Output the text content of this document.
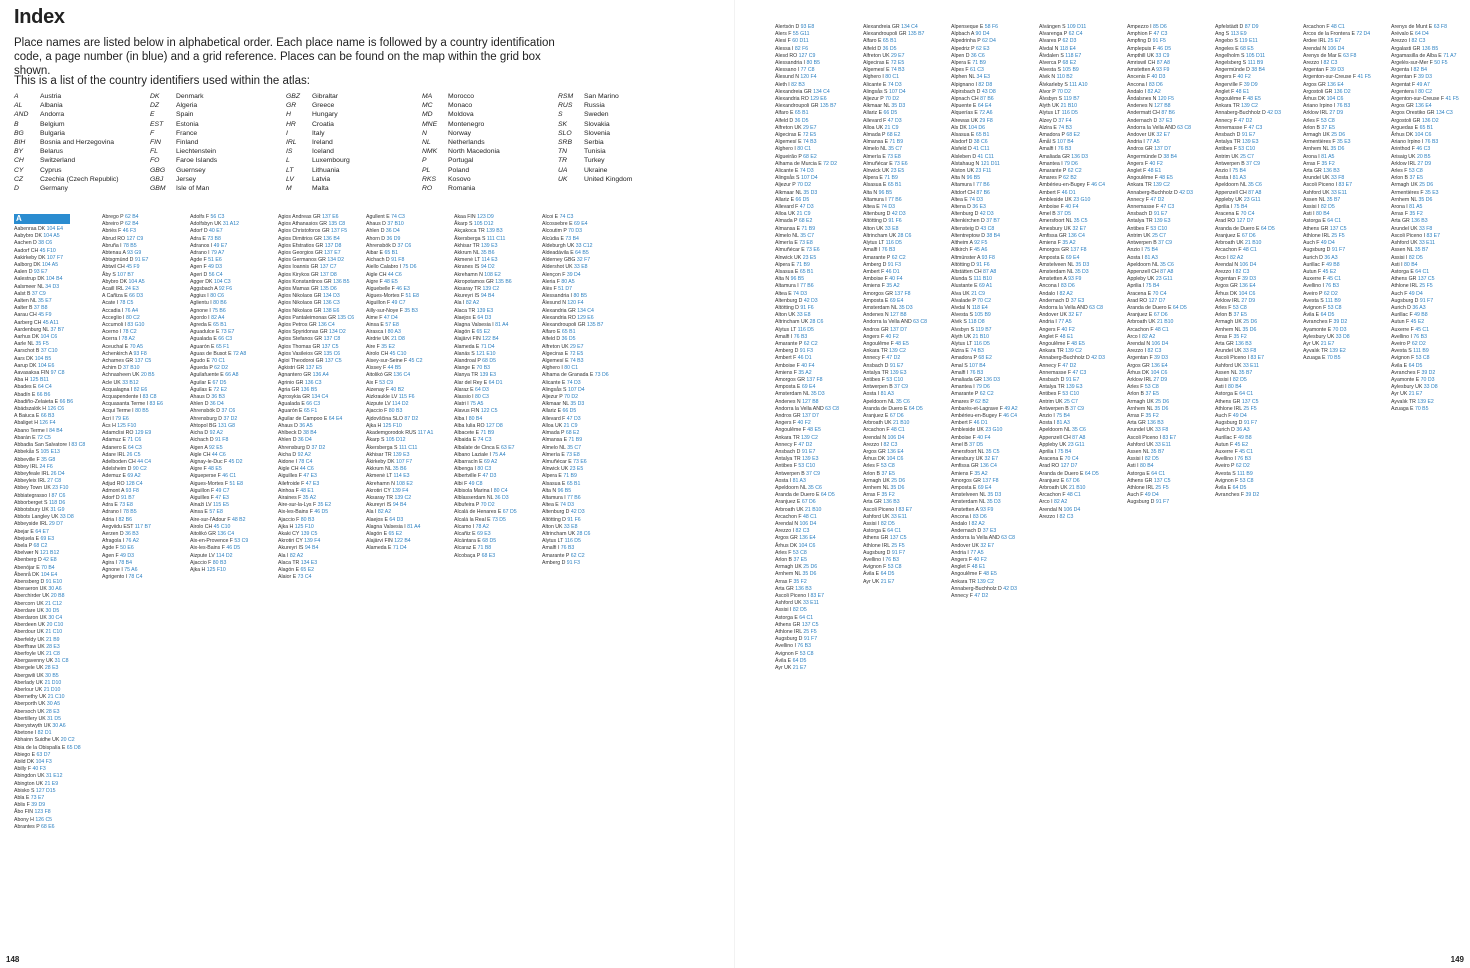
Index
Place names are listed below in alphabetical order. Each place name is followed by a country identification code, a page number (in blue) and a grid reference. Places can be found on the map within the grid box shown.
This is a list of the country identifiers used within the atlas:
A	Austria
AL	Albania
AND	Andorra
B	Belgium
BG	Bulgaria
BIH	Bosnia and Herzegovina
BY	Belarus
CH	Switzerland
CY	Cyprus
CZ	Czechia (Czech Republic)
D	Germany
DK	Denmark
DZ	Algeria
E	Spain
EST	Estonia
F	France
FIN	Finland
FL	Liechtenstein
FO	Faroe Islands
GBG	Guernsey
GBJ	Jersey
GBM	Isle of Man
GBZ	Gibraltar
GR	Greece
H	Hungary
HR	Croatia
I	Italy
IRL	Ireland
IS	Iceland
L	Luxembourg
LT	Lithuania
LV	Latvia
M	Malta
MA	Morocco
MC	Monaco
MD	Moldova
MNE	Montenegro
N	Norway
NL	Netherlands
NMK	North Macedonia
P	Portugal
PL	Poland
RKS	Kosovo
RO	Romania
RSM	San Marino
RUS	Russia
S	Sweden
SK	Slovakia
SLO	Slovenia
SRB	Serbia
TN	Tunisia
TR	Turkey
UA	Ukraine
UK	United Kingdom
A
Aabenraa DK 104 E4
Aabybro DK 104 A5
Aachen D 38 C6
Aadorf CH 45 F10
Aakirkeby DK 107 F7
Aalborg DK 104 A5
Aalen D 93 E7
Aalestrup DK 104 B4
Aalsmeer NL 34 D3
Aalst B 37 C9
Aalten NL 35 E7
Aalter B 37 B8
Aarau CH 45 F9
Aarberg CH 45 A11
Aardenburg NL 37 B7
Aarhus DK 104 C6
Aarle NL 35 F5
Aarschot B 37 C10
Aars DK 104 B5
Aarup DK 104 E6
Aavasaksa FIN 97 C8
Aba H 125 B11
Abades E 64 C4
Abadín E 66 B6
Abadiño-Zelaieta E 66 B6
Abádszalók H 126 C6
A Baiuca E 66 B3
Abaliget H 126 F4
Abano Terme I 84 B4
Abarán E 72 C5
Abbadia San Salvatore I 83 C8
Abbekås S 105 E13
Abbeville F 35 G8
Abbey IRL 24 F6
Abbeyfeale IRL 26 D4
Abbeyleix IRL 27 C8
Abbey Town UK 23 F10
Abbiategrasso I 87 C6
Abborberget S 118 D6
Abbotsbury UK 31 G9
Abbots Langley UK 33 D8
Abbeyside IRL 29 D7
Abejar E 64 E7
Abejuela E 69 E3
Abela P 68 C2
Abelvær N 121 B12
Abenberg D 42 E8
Abenójar E 70 B4
Åbenrå DK 104 E4
Abensberg D 91 E10
Aberaeron UK 30 A6
Aberchirder UK 20 B8
Abercorn UK 21 C12
Aberdare UK 30 D5
Aberdaron UK 30 C4
Aberdeen UK 20 C10
Aberdour UK 21 C10
Aberfeldy UK 21 B9
Aberffraw UK 28 E3
Aberfoyle UK 21 C8
Abergavenny UK 31 C8
Abergele UK 28 E3
Abergwili UK 30 B5
Aberlady UK 21 D10
Aberlour UK 21 D10
Abernethy UK 21 C10
Aberporth UK 30 A5
Abersoch UK 28 E3
Abertillery UK 31 D5
Aberystwyth UK 30 A6
Abetone I 82 D1
Abhainn Suidhe UK 20 C2
Abia de la Obispalía E 65 D8
Abiego E 63 D7
Abild DK 104 F3
Abilly F 40 F3
Abingdon UK 31 E12
Abington UK 21 E9
Abisko S 127 D15
Abla E 73 E7
Ablis F 39 D9
Åbo FIN 123 F8
Abony H 126 C5
Abrantes P 68 E6
Abrego P 62 B4
Abreiro P 62 B4
Abriès F 46 F3
Abrud RO 127 C9
Abruña I 78 B5
Abtenau A 93 G9
Abtsgmünd D 91 E7
Abtwil CH 45 F9
Åby S 107 B7
Abybro DK 104 A5
Acaill IRL 24 E3
A Cañiza E 66 D3
Acate I 78 C5
Accadia I 76 A4
Acceglio I 80 C2
Accumoli I 83 G10
Acerno I 78 C2
Acerra I 78 A2
Aceuchal E 70 A5
Achenkirch A 93 F8
Acharnes GR 137 C5
Achim D 37 B10
Achnasheen UK 20 B5
Acle UK 33 B12
Acqualagna I 82 E6
Acquapendente I 83 C8
Acquasanta Terme I 83 E6
Acqui Terme I 80 B5
Acri I 79 E6
Ács H 125 F10
Adamclisi RO 129 E9
Adamuz E 71 C6
Adanero E 64 C3
Adare IRL 26 C5
Adelboden CH 44 C4
Adelsheim D 90 C2
Ademuz E 69 A2
Adjud RO 128 C4
Admont A 93 F8
Adorf D 91 B7
Adra E 73 E8
Adrano I 78 B5
Adria I 82 B6
Aegviidu EST 117 B7
Aerzen D 36 B3
Afragola I 76 A2
Agde F 50 E6
Agen F 49 D3
Agira I 78 B4
Agnone I 75 A6
Agrigento I 78 C4
Adolfs F 56 C3
Adolfsbyn UK 31 A12
Adorf D 40 E7
Adra E 73 B8
Adranos I 49 E7
Adrano I 79 A7
Agde F 51 E6
Agen F 49 D3
Ageri D 56 C4
Agger DK 104 C3
Aggsbach A 92 F6
Aggius I 80 C6
Aglientu I 80 B6
Agnone I 75 B6
Agordo I 82 A4
Agreda E 65 B1
Aguadulce E 73 E7
Agualada E 66 C3
Aguarón E 65 F1
Aguas de Busot E 72 A8
Agudo E 70 C1
Águeda P 62 D2
Aguilafuente E 66 A8
Aguilar E 67 D5
Águilas E 72 E2
Ahaus D 36 B3
Ahlen D 36 D4
Ahrensbök D 37 C6
Ahrensburg D 37 D2
Ahtopol BG 131 G8
Aicha D 92 A2
Aichach D 91 F8
Aigen A 92 E5
Aigle CH 44 C6
Aignay-le-Duc F 45 D2
Aigre F 48 E5
Aigueperse F 46 C1
Aigues-Mortes F 51 E8
Aiguillon F 49 C7
Aiguilles F 47 E3
Ainaži LV 115 E5
Ainsa E 57 E8
Aire-sur-l'Adour F 48 B2
Airolo CH 45 C10
Aitolikó GR 136 C4
Aix-en-Provence F 53 C9
Aix-les-Bains F 46 D5
Aizpute LV 114 D2
Ajaccio F 80 B3
Ajka H 125 F10
Agios Andreas GR 137 E6
Agios Athanasios GR 135 C8
Agios Christoforos GR 137 F5
Agios Dimitrios GR 136 B4
Agios Efstratios GR 137 D8
Agios Georgios GR 137 E7
Agios Germanos GR 134 D2
Agios Ioannis GR 137 C7
Agios Kirykos GR 137 D8
Agios Konstantinos GR 136 B5
Agios Mamas GR 135 D6
Agios Nikolaos GR 134 D3
Agios Nikolaos GR 136 C3
Agios Nikolaos GR 138 E6
Agios Pantaleimonas GR 135 C6
Agios Petros GR 136 C4
Agios Spyridonas GR 134 D2
Agios Stefanos GR 137 C8
Agios Thomas GR 137 C5
Agios Vasileios GR 135 C6
Agioi Theodoroi GR 137 C5
Agkistri GR 137 E5
Agnantero GR 136 A4
Agrinio GR 136 C3
Agria GR 136 B5
Agrosykia GR 134 C4
Agualada E 66 C3
Aguarón E 65 F1
Aguilar de Campoo E 64 E4
Ahaus D 36 A5
Ahlbeck D 38 B4
Ahlen D 36 D4
Ahrensburg D 37 D2
Aicha D 92 A2
Aidone I 78 C4
Aigle CH 44 C6
Aiguilles F 47 E3
Ailefroide F 47 E3
Ainhoa F 48 E1
Airaines F 35 A2
Aire-sur-la-Lys F 35 E2
Aix-les-Bains F 46 D5
Ajaccio F 80 B3
Ajka H 125 F10
Akaki CY 139 C5
Akrotiri CY 139 F4
Akureyri IS 94 B4
Ala I 82 A2
Alaca TR 134 E3
Alagón E 65 E2
Alaior E 73 C4
Agullent E 74 C3
Ahaus D 37 B10
Ahlen D 36 D4
Ahorn D 36 D9
Ahrensbök D 37 C6
Aibar E 65 B1
Aichach D 91 F8
Aiello Calabro I 75 D6
Aigle CH 44 C6
Aigre F 48 E5
Aiguebelle F 46 E3
Aigues-Mortes F 51 E8
Aiguillon F 49 C7
Ailly-sur-Noye F 35 B3
Aime F 47 D4
Ainsa E 57 E8
Airasca I 80 A3
Airdrie UK 21 D8
Aire F 35 E2
Airolo CH 45 C10
Aisey-sur-Seine F 45 C2
Aïssey F 44 B5
Aitolikó GR 136 C4
Aix F 53 C9
Aizenay F 40 B2
Aizkraukle LV 115 F6
Aizpute LV 114 D2
Ajaccio F 80 B3
Ajdovščina SLO 87 D2
Ajka H 125 F10
Akademgorodok RUS 117 A1
Åkarp S 105 D12
Åkersberga S 111 C11
Akhisar TR 139 E3
Åkirkeby DK 107 F7
Akkrum NL 35 B6
Akmenė LT 114 E3
Akrehamn N 108 E2
Akrotiri CY 139 F4
Aksaray TR 139 C2
Akureyri IS 94 B4
Ala I 82 A2
Alaejos E 64 D3
Alagna Valsesia I 81 A4
Alagón E 65 E2
Alajärvi FIN 122 B4
Alameda E 71 D4
Akaa FIN 123 D9
Åkarp S 105 D12
Akçakoca TR 139 B3
Åkersberga S 111 C11
Akhisar TR 139 E3
Akkrum NL 35 B6
Akmenė LT 114 E3
Akranes IS 94 D2
Akrehamn N 108 E2
Akropotamos GR 135 B6
Aksaray TR 139 C2
Akureyri IS 94 B4
Ala I 82 A2
Alaca TR 139 E3
Alaejos E 64 D3
Alagna Valsesia I 81 A4
Alagón E 65 E2
Alajärvi FIN 122 B4
Alameda E 71 D4
Alanäs S 121 E10
Alandroal P 68 D5
Alange E 70 B3
Alanya TR 139 E3
Alar del Rey E 64 D1
Alaraz E 64 D3
Alassio I 80 C3
Alatri I 75 A5
Alavus FIN 122 C5
Alba I 80 B4
Alba Iulia RO 127 D8
Albacete E 71 B9
Albaida E 74 C3
Albalate de Cinca E 63 E7
Albano Laziale I 75 A4
Albarracín E 69 A2
Albenga I 80 C3
Albertville F 47 D3
Albi F 49 C8
Albisola Marina I 80 C4
Alblasserdam NL 36 D3
Albufeira P 70 D2
Alcalá de Henares E 67 D5
Alcalá la Real E 73 D5
Alcamo I 78 A2
Alcañiz E 69 E3
Alcántara E 68 D5
Alcaraz E 71 B8
Alcobaça P 68 E3
Alcoi E 74 C3
Alcossebre E 69 E4
Alcoutim P 70 D3
Alcúdia E 73 B4
Aldeburgh UK 33 C12
Aldeadávila E 64 B5
Alderney GBG 32 F7
Aldershot UK 33 E8
Alençon F 39 D4
Aleria F 80 A5
Alès F 51 D7
Alessandria I 80 B5
Ålesund N 120 F4
Alexandria GR 134 C4
Alexandria RO 129 E6
Alexandroupoli GR 135 B7
Alfaro E 65 B1
Alfeld D 36 D5
Alfreton UK 29 E7
Algeciras E 72 E5
Algemesí E 74 B3
Alghero I 80 C1
Alhama de Granada E 73 D6
Alicante E 74 D3
Alingsås S 107 D4
Aljezur P 70 D2
Alkmaar NL 35 D3
Allariz E 66 D5
Allevard F 47 D3
Alloa UK 21 C9
Almada P 68 E2
Almansa E 71 B9
Almelo NL 35 C7
Almería E 73 E8
Almuñécar E 73 E6
Alnwick UK 23 E5
Alpera E 71 B9
Alsasua E 65 B1
Alta N 96 B5
Altamura I 77 B6
Altea E 74 D3
Altenburg D 42 D3
Altötting D 91 F6
Alton UK 33 E8
Altrincham UK 28 C6
Alytus LT 116 D5
Amalfi I 76 B3
Amarante P 62 C2
Amberg D 91 F3
148
Alertsön D 93 E8
Alers F 55 G11
Alesi F 60 D11
Alessa I 82 F6
Alesd RO 127 C9
Alessandria I 80 B5
Alessano I 77 C8
Ålesund N 120 F4
Aleth I 82 B3
Alexandreia GR 134 C4
Alexandria RO 129 E6
Alexandroupoli GR 135 B7
Alfaro E 65 B1
Alfeld D 36 D5
Alfreton UK 29 E7
Algeciras E 72 E5
Algemesí E 74 B3
Alghero I 80 C1
Algueirão P 68 E2
Alhama de Murcia E 72 D2
Alicante E 74 D3
Alingsås S 107 D4
Aljezur P 70 D2
Alkmaar NL 35 D3
Allariz E 66 D5
Allevard F 47 D3
Alloa UK 21 C9
Almada P 68 E2
Almansa E 71 B9
Almelo NL 35 C7
Almería E 73 E8
Almuñécar E 73 E6
Alnwick UK 23 E5
Alpera E 71 B9
Alsasua E 65 B1
Alta N 96 B5
Altamura I 77 B6
Altea E 74 D3
Altenburg D 42 D3
Altötting D 91 F6
Alton UK 33 E8
Altrincham UK 28 C6
Alytus LT 116 D5
Amalfi I 76 B3
Amarante P 62 C2
Amberg D 91 F3
Ambert F 46 D1
Amboise F 40 F4
Amiens F 35 A2
Amorgos GR 137 F8
Amposta E 69 E4
Amsterdam NL 35 D3
Andenes N 127 B8
Andorra la Vella AND 63 C8
Andros GR 137 D7
Angers F 40 F2
Angoulême F 48 E5
Ankara TR 139 C2
Annecy F 47 D2
Ansbach D 91 E7
Antalya TR 139 E3
Antibes F 53 C10
Antwerpen B 37 C9
Aosta I 81 A3
Apeldoorn NL 35 C6
Aranda de Duero E 64 D5
Aranjuez E 67 D6
Arbroath UK 21 B10
Arcachon F 48 C1
Arendal N 106 D4
Arezzo I 82 C3
Argos GR 136 E4
Århus DK 104 C6
Arles F 53 C8
Arlon B 37 E5
Armagh UK 25 D6
Arnhem NL 35 D6
Arras F 35 F2
Arta GR 136 B3
Ascoli Piceno I 83 E7
Ashford UK 33 E11
Assisi I 82 D5
Astorga E 64 C1
Athens GR 137 C5
Athlone IRL 25 F5
Augsburg D 91 F7
Avellino I 76 B3
Avignon F 53 C8
Ávila E 64 D5
Ayr UK 21 E7
Alexandreia GR 134 C4
Alexandroupoli GR 135 B7
Alfaro E 65 B1
Alfeld D 36 D5
Alfreton UK 29 E7
Algeciras E 72 E5
Algemesí E 74 B3
Alghero I 80 C1
Alicante E 74 D3
Alingsås S 107 D4
Aljezur P 70 D2
Alkmaar NL 35 D3
Allariz E 66 D5
Allevard F 47 D3
Alloa UK 21 C9
Almada P 68 E2
Almansa E 71 B9
Almelo NL 35 C7
Almería E 73 E8
Almuñécar E 73 E6
Alnwick UK 23 E5
Alpera E 71 B9
Alsasua E 65 B1
Alta N 96 B5
Altamura I 77 B6
Altea E 74 D3
Altenburg D 42 D3
Altötting D 91 F6
Alton UK 33 E8
Altrincham UK 28 C6
Alytus LT 116 D5
Amalfi I 76 B3
Amarante P 62 C2
Amberg D 91 F3
Ambert F 46 D1
Amboise F 40 F4
Amiens F 35 A2
Amorgos GR 137 F8
Amposta E 69 E4
Amsterdam NL 35 D3
Andenes N 127 B8
Andorra la Vella AND 63 C8
Andros GR 137 D7
Angers F 40 F2
Angoulême F 48 E5
Ankara TR 139 C2
Annecy F 47 D2
Ansbach D 91 E7
Antalya TR 139 E3
Antibes F 53 C10
Antwerpen B 37 C9
Aosta I 81 A3
Apeldoorn NL 35 C6
Aranda de Duero E 64 D5
Aranjuez E 67 D6
Arbroath UK 21 B10
Arcachon F 48 C1
Arendal N 106 D4
Arezzo I 82 C3
Argos GR 136 E4
Århus DK 104 C6
Arles F 53 C8
Arlon B 37 E5
Armagh UK 25 D6
Arnhem NL 35 D6
Arras F 35 F2
Arta GR 136 B3
Ascoli Piceno I 83 E7
Ashford UK 33 E11
Assisi I 82 D5
Astorga E 64 C1
Athens GR 137 C5
Athlone IRL 25 F5
Augsburg D 91 F7
Avellino I 76 B3
Avignon F 53 C8
Ávila E 64 D5
Ayr UK 21 E7
Alpenseque E 58 F6
Alpbach A 90 D4
Alpedrinha P 62 D4
Alpedriz P 62 E3
Alpen D 36 C6
Alpera E 71 B9
Alpes F 61 C3
Alphen NL 34 E3
Alpignano I 82 D8
Alpirsbach D 43 D8
Alpnach CH 87 B6
Alpuente E 64 E4
Alquerías E 72 A6
Alrewas UK 29 F8
Als DK 104 D6
Alsasua E 65 B1
Alsdorf D 38 C6
Alsfeld D 41 C11
Alsleben D 41 C11
Alstahaug N 121 D11
Alston UK 23 F11
Alta N 96 B5
Altamura I 77 B6
Altdorf CH 87 B6
Altea E 74 D3
Altena D 36 E3
Altenburg D 42 D3
Altenkirchen D 37 B7
Altensteig D 43 C8
Altentreptow D 38 B4
Altheim A 92 F5
Altkirch F 45 A6
Altmünster A 93 F8
Altötting D 91 F6
Altstätten CH 87 A8
Alunda S 111 B10
Alustante E 69 A1
Alva UK 21 C9
Alvalade P 70 C2
Alvdal N 118 E4
Alvesta S 105 B9
Alvik S 118 D8
Alvsbyn S 119 B7
Alyth UK 21 B10
Alytus LT 116 D5
Alzira E 74 B3
Amadora P 68 E2
Amal S 107 B4
Amalfi I 76 B3
Amaliada GR 136 D3
Amantea I 79 D6
Amarante P 62 C2
Amares P 62 B2
Ambarès-et-Lagrave F 49 A2
Ambérieu-en-Bugey F 46 C4
Ambert F 46 D1
Ambleside UK 23 G10
Amboise F 40 F4
Amel B 37 D5
Amersfoort NL 35 C5
Amesbury UK 32 E7
Amfissa GR 136 C4
Amiens F 35 A2
Amorgos GR 137 F8
Amposta E 69 E4
Amstelveen NL 35 D3
Amsterdam NL 35 D3
Amstetten A 93 F9
Ancona I 83 D6
Andalo I 82 A2
Andernach D 37 E3
Andorra la Vella AND 63 C8
Andover UK 32 E7
Andria I 77 A5
Angers F 40 F2
Anglet F 48 E1
Angoulême F 48 E5
Ankara TR 139 C2
Annaberg-Buchholz D 42 D3
Annecy F 47 D2
Alvängen S 109 D11
Alvarenga P 62 C4
Alvares P 62 D3
Alvdal N 118 E4
Älvdalen S 118 E7
Alverca P 68 E2
Alvesta S 105 B9
Alvik N 110 B2
Älvkarleby S 111 A10
Alvor P 70 D2
Älvsbyn S 119 B7
Alyth UK 21 B10
Alytus LT 116 D5
Alzey D 37 F4
Alzira E 74 B3
Amadora P 68 E2
Åmål S 107 B4
Amalfi I 76 B3
Amaliada GR 136 D3
Amantea I 79 D6
Amarante P 62 C2
Amares P 62 B2
Ambérieu-en-Bugey F 46 C4
Ambert F 46 D1
Ambleside UK 23 G10
Amboise F 40 F4
Amel B 37 D5
Amersfoort NL 35 C5
Amesbury UK 32 E7
Amfissa GR 136 C4
Amiens F 35 A2
Amorgos GR 137 F8
Amposta E 69 E4
Amstelveen NL 35 D3
Amsterdam NL 35 D3
Amstetten A 93 F9
Ancona I 83 D6
Andalo I 82 A2
Andernach D 37 E3
Andorra la Vella AND 63 C8
Andover UK 32 E7
Andria I 77 A5
Angers F 40 F2
Anglet F 48 E1
Angoulême F 48 E5
Ankara TR 139 C2
Annaberg-Buchholz D 42 D3
Annecy F 47 D2
Annemasse F 47 C3
Ansbach D 91 E7
Antalya TR 139 E3
Antibes F 53 C10
Antrim UK 25 C7
Antwerpen B 37 C9
Anzio I 75 B4
Aosta I 81 A3
Apeldoorn NL 35 C6
Appenzell CH 87 A8
Appleby UK 23 G11
Aprilia I 75 B4
Aracena E 70 C4
Arad RO 127 D7
Aranda de Duero E 64 D5
Aranjuez E 67 D6
Arbroath UK 21 B10
Arcachon F 48 C1
Arco I 82 A2
Arendal N 106 D4
Arezzo I 82 C3
Ampezzo I 85 D6
Amphion F 47 C3
Ampfing D 91 F5
Amplepuis F 46 D5
Ampthill UK 33 C9
Amriswil CH 87 A8
Amstetten A 93 F9
Ancenis F 40 D3
Ancona I 83 D6
Andalo I 82 A2
Åndalsnes N 120 F5
Andenes N 127 B8
Andermatt CH 87 B6
Andernach D 37 E3
Andorra la Vella AND 63 C8
Andover UK 32 E7
Andria I 77 A5
Andros GR 137 D7
Angermünde D 38 B4
Angers F 40 F2
Anglet F 48 E1
Angoulême F 48 E5
Ankara TR 139 C2
Annaberg-Buchholz D 42 D3
Annecy F 47 D2
Annemasse F 47 C3
Ansbach D 91 E7
Antalya TR 139 E3
Antibes F 53 C10
Antrim UK 25 C7
Antwerpen B 37 C9
Anzio I 75 B4
Aosta I 81 A3
Apeldoorn NL 35 C6
Appenzell CH 87 A8
Appleby UK 23 G11
Aprilia I 75 B4
Aracena E 70 C4
Arad RO 127 D7
Aranda de Duero E 64 D5
Aranjuez E 67 D6
Arbroath UK 21 B10
Arcachon F 48 C1
Arco I 82 A2
Arendal N 106 D4
Arezzo I 82 C3
Argentan F 39 D3
Argos GR 136 E4
Århus DK 104 C6
Arklow IRL 27 D9
Arles F 53 C8
Arlon B 37 E5
Armagh UK 25 D6
Arnhem NL 35 D6
Arras F 35 F2
Arta GR 136 B3
Arundel UK 33 F8
Ascoli Piceno I 83 E7
Ashford UK 33 E11
Assen NL 35 B7
Assisi I 82 D5
Asti I 80 B4
Astorga E 64 C1
Athens GR 137 C5
Athlone IRL 25 F5
Auch F 49 D4
Augsburg D 91 F7
Apfelstädt D 87 D9
Ang S 113 E9
Angebo S 119 E11
Angeles E 68 E5
Angelholm S 105 D11
Angelsberg S 111 B9
Angermünde D 38 B4
Angers F 40 F2
Angerville F 39 D9
Anglet F 48 E1
Angoulême F 48 E5
Ankara TR 139 C2
Annaberg-Buchholz D 42 D3
Annecy F 47 D2
Annemasse F 47 C3
Ansbach D 91 E7
Antalya TR 139 E3
Antibes F 53 C10
Antrim UK 25 C7
Antwerpen B 37 C9
Anzio I 75 B4
Aosta I 81 A3
Apeldoorn NL 35 C6
Appenzell CH 87 A8
Appleby UK 23 G11
Aprilia I 75 B4
Aracena E 70 C4
Arad RO 127 D7
Aranda de Duero E 64 D5
Aranjuez E 67 D6
Arbroath UK 21 B10
Arcachon F 48 C1
Arco I 82 A2
Arendal N 106 D4
Arezzo I 82 C3
Argentan F 39 D3
Argos GR 136 E4
Århus DK 104 C6
Arklow IRL 27 D9
Arles F 53 C8
Arlon B 37 E5
Armagh UK 25 D6
Arnhem NL 35 D6
Arras F 35 F2
Arta GR 136 B3
Arundel UK 33 F8
Ascoli Piceno I 83 E7
Ashford UK 33 E11
Assen NL 35 B7
Assisi I 82 D5
Asti I 80 B4
Astorga E 64 C1
Athens GR 137 C5
Athlone IRL 25 F5
Auch F 49 D4
Augsburg D 91 F7
Aurich D 36 A3
Aurillac F 49 B8
Autun F 45 E2
Auxerre F 45 C1
Avellino I 76 B3
Aveiro P 62 D2
Avesta S 111 B9
Avignon F 53 C8
Ávila E 64 D5
Avranches F 39 D2
Arcachon F 48 C1
Arcos de la Frontera E 72 D4
Ardee IRL 25 E7
Arendal N 106 D4
Arenys de Mar E 63 F8
Arezzo I 82 C3
Argentan F 39 D3
Argenton-sur-Creuse F 41 F5
Argos GR 136 E4
Argostoli GR 136 D2
Århus DK 104 C6
Ariano Irpino I 76 B3
Arklow IRL 27 D9
Arles F 53 C8
Arlon B 37 E5
Armagh UK 25 D6
Armentières F 35 E3
Arnhem NL 35 D6
Arona I 81 A5
Arras F 35 F2
Arta GR 136 B3
Arundel UK 33 F8
Ascoli Piceno I 83 E7
Ashford UK 33 E11
Assen NL 35 B7
Assisi I 82 D5
Asti I 80 B4
Astorga E 64 C1
Athens GR 137 C5
Athlone IRL 25 F5
Auch F 49 D4
Augsburg D 91 F7
Aurich D 36 A3
Aurillac F 49 B8
Autun F 45 E2
Auxerre F 45 C1
Avellino I 76 B3
Aveiro P 62 D2
Avesta S 111 B9
Avignon F 53 C8
Ávila E 64 D5
Avranches F 39 D2
Ayamonte E 70 D3
Aylesbury UK 33 D8
Ayr UK 21 E7
Ayvalık TR 139 E2
Azuaga E 70 B5
Arenys de Munt E 63 F8
Arévalo E 64 D4
Arezzo I 82 C3
Argalasti GR 136 B5
Argamasilla de Alba E 71 A7
Argelès-sur-Mer F 50 F5
Argenta I 82 B4
Argentan F 39 D3
Argentat F 49 A7
Argentera I 80 C2
Argenton-sur-Creuse F 41 F5
Argos GR 136 E4
Argos Orestiko GR 134 C3
Argostoli GR 136 D2
Arguedas E 65 B1
Århus DK 104 C6
Ariano Irpino I 76 B3
Arinthod F 46 C3
Arisaig UK 20 B5
Arklow IRL 27 D9
Arles F 53 C8
Arlon B 37 E5
Armagh UK 25 D6
Armentières F 35 E3
Arnhem NL 35 D6
Arona I 81 A5
Arras F 35 F2
Arta GR 136 B3
Arundel UK 33 F8
Ascoli Piceno I 83 E7
Ashford UK 33 E11
Assen NL 35 B7
Assisi I 82 D5
Asti I 80 B4
Astorga E 64 C1
Athens GR 137 C5
Athlone IRL 25 F5
Auch F 49 D4
Augsburg D 91 F7
Aurich D 36 A3
Aurillac F 49 B8
Autun F 45 E2
Auxerre F 45 C1
Avellino I 76 B3
Aveiro P 62 D2
Avesta S 111 B9
Avignon F 53 C8
Ávila E 64 D5
Avranches F 39 D2
Ayamonte E 70 D3
Aylesbury UK 33 D8
Ayr UK 21 E7
Ayvalık TR 139 E2
Azuaga E 70 B5
149
